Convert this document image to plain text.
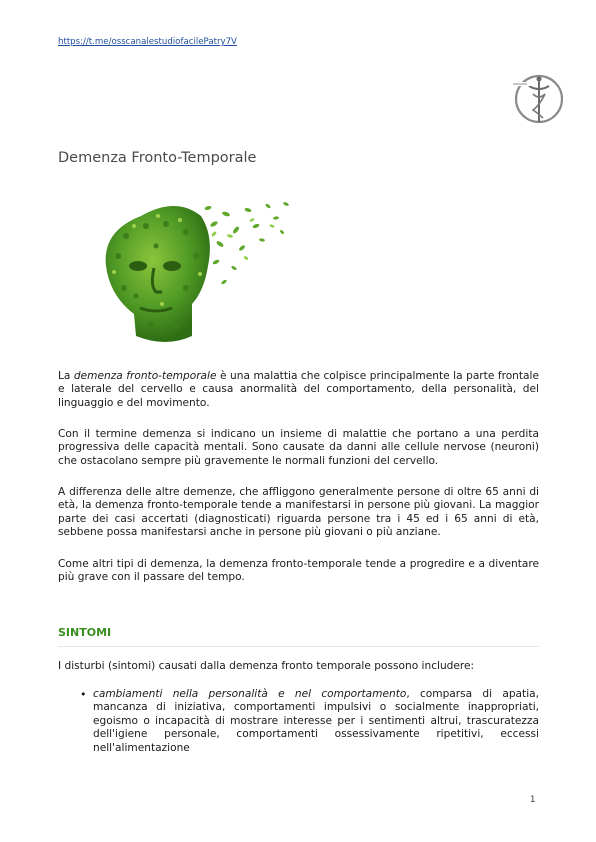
https://t.me/osscanalestudiofacilePatry7V
Demenza Fronto-Temporale

La demenza fronto-temporale è una malattia che colpisce principalmente la parte frontale e laterale del cervello e causa anormalità del comportamento, della personalità, del linguaggio e del movimento.

Con il termine demenza si indicano un insieme di malattie che portano a una perdita progressiva delle capacità mentali. Sono causate da danni alle cellule nervose (neuroni) che ostacolano sempre più gravemente le normali funzioni del cervello.

A differenza delle altre demenze, che affliggono generalmente persone di oltre 65 anni di età, la demenza fronto-temporale tende a manifestarsi in persone più giovani. La maggior parte dei casi accertati (diagnosticati) riguarda persone tra i 45 ed i 65 anni di età, sebbene possa manifestarsi anche in persone più giovani o più anziane.

Come altri tipi di demenza, la demenza fronto-temporale tende a progredire e a diventare più grave con il passare del tempo.

SINTOMI

I disturbi (sintomi) causati dalla demenza fronto temporale possono includere:

• cambiamenti nella personalità e nel comportamento, comparsa di apatia, mancanza di iniziativa, comportamenti impulsivi o socialmente inappropriati, egoismo o incapacità di mostrare interesse per i sentimenti altrui, trascuratezza dell'igiene personale, comportamenti ossessivamente ripetitivi, eccessi nell'alimentazione
1
